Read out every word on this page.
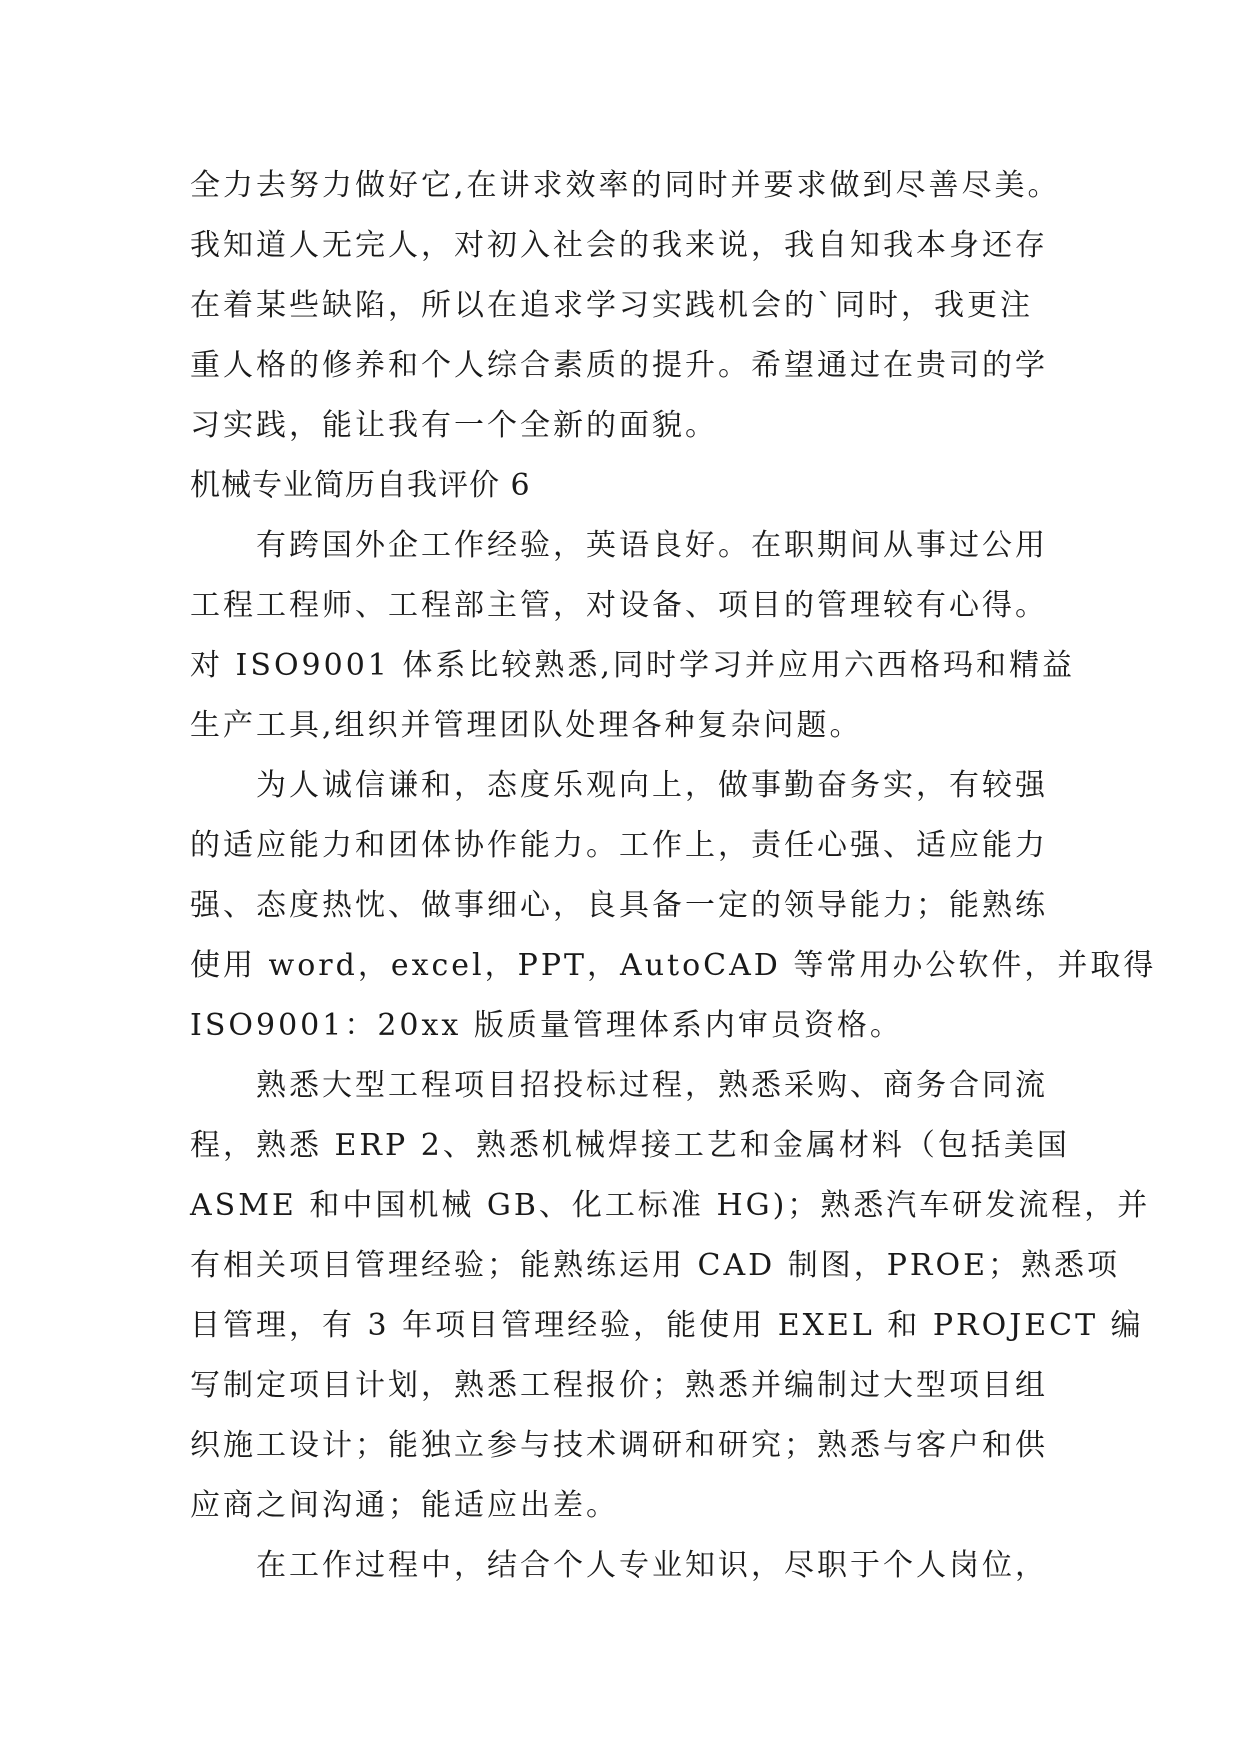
全力去努力做好它,在讲求效率的同时并要求做到尽善尽美。
我知道人无完人，对初入社会的我来说，我自知我本身还存
在着某些缺陷，所以在追求学习实践机会的`同时，我更注
重人格的修养和个人综合素质的提升。希望通过在贵司的学
习实践，能让我有一个全新的面貌。
机械专业简历自我评价 6
有跨国外企工作经验，英语良好。在职期间从事过公用
工程工程师、工程部主管，对设备、项目的管理较有心得。
对 ISO9001 体系比较熟悉,同时学习并应用六西格玛和精益
生产工具,组织并管理团队处理各种复杂问题。
为人诚信谦和，态度乐观向上，做事勤奋务实，有较强
的适应能力和团体协作能力。工作上，责任心强、适应能力
强、态度热忱、做事细心，良具备一定的领导能力；能熟练
使用 word，excel，PPT，AutoCAD 等常用办公软件，并取得
ISO9001：20xx 版质量管理体系内审员资格。
熟悉大型工程项目招投标过程，熟悉采购、商务合同流
程，熟悉 ERP 2、熟悉机械焊接工艺和金属材料（包括美国
ASME 和中国机械 GB、化工标准 HG)；熟悉汽车研发流程，并
有相关项目管理经验；能熟练运用 CAD 制图，PROE；熟悉项
目管理，有 3 年项目管理经验，能使用 EXEL 和 PROJECT 编
写制定项目计划，熟悉工程报价；熟悉并编制过大型项目组
织施工设计；能独立参与技术调研和研究；熟悉与客户和供
应商之间沟通；能适应出差。
在工作过程中，结合个人专业知识，尽职于个人岗位，
